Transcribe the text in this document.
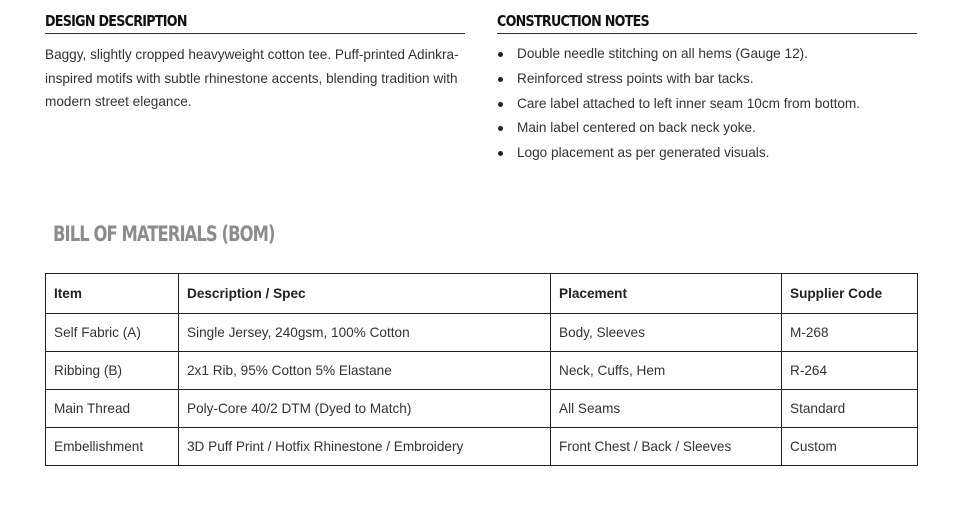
DESIGN DESCRIPTION

Baggy, slightly cropped heavyweight cotton tee. Puff-printed Adinkra-inspired motifs with subtle rhinestone accents, blending tradition with modern street elegance.

CONSTRUCTION NOTES
Double needle stitching on all hems (Gauge 12).
Reinforced stress points with bar tacks.
Care label attached to left inner seam 10cm from bottom.
Main label centered on back neck yoke.
Logo placement as per generated visuals.
BILL OF MATERIALS (BOM)
Item	Description / Spec	Placement	Supplier Code
Self Fabric (A)	Single Jersey, 240gsm, 100% Cotton	Body, Sleeves	M-268
Ribbing (B)	2x1 Rib, 95% Cotton 5% Elastane	Neck, Cuffs, Hem	R-264
Main Thread	Poly-Core 40/2 DTM (Dyed to Match)	All Seams	Standard
Embellishment	3D Puff Print / Hotfix Rhinestone / Embroidery	Front Chest / Back / Sleeves	Custom
